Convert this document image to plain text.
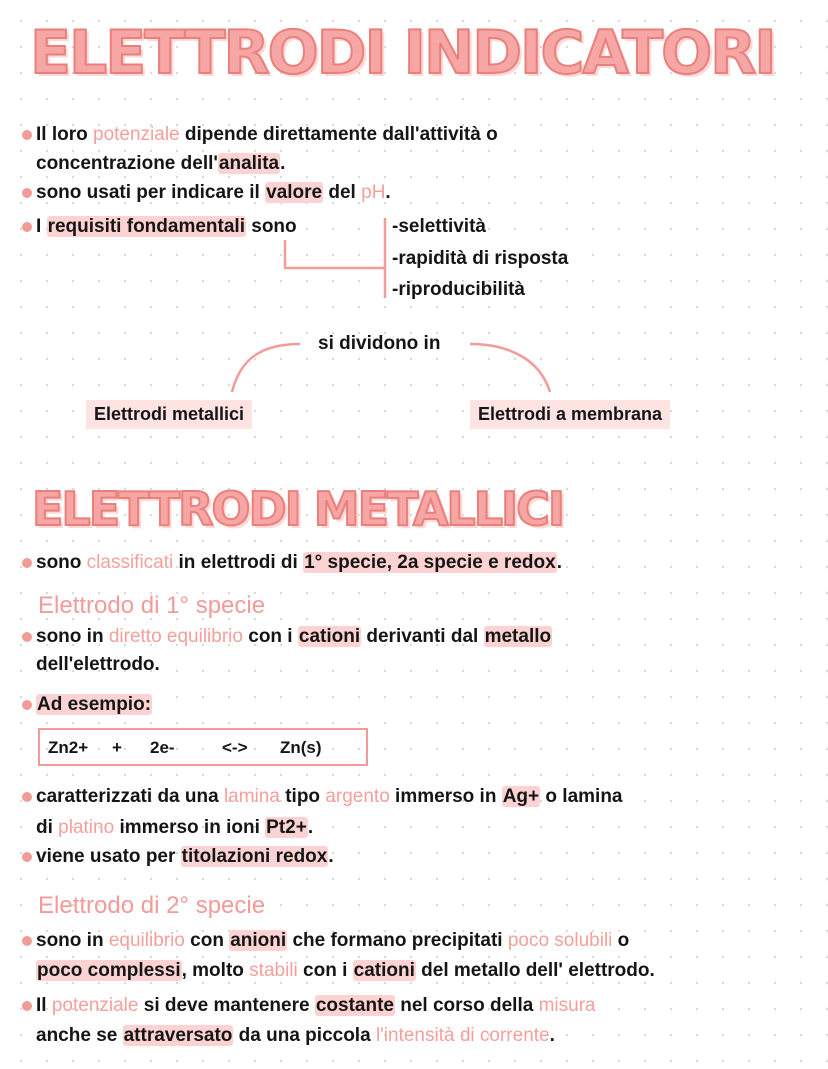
ELETTRODI INDICATORI
Il loro potenziale dipende direttamente dall'attività o
concentrazione dell'analita.
sono usati per indicare il valore del pH.
I requisiti fondamentali sono	-selettività
-rapidità di risposta
-riproducibilità
si dividono in
Elettrodi metallici	Elettrodi a membrana
ELETTRODI METALLICI
sono classificati in elettrodi di 1° specie, 2a specie e redox.
Elettrodo di 1° specie
sono in diretto equilibrio con i cationi derivanti dal metallo
dell'elettrodo.
Ad esempio:
Zn2+ + 2e-	<-> Zn(s)
caratterizzati da una lamina tipo argento immerso in Ag+ o lamina
di platino immerso in ioni Pt2+.
viene usato per titolazioni redox.
Elettrodo di 2° specie
sono in equilibrio con anioni che formano precipitati poco solubili o
poco complessi, molto stabili con i cationi del metallo dell' elettrodo.
Il potenziale si deve mantenere costante nel corso della misura
anche se attraversato da una piccola l'intensità di corrente.
